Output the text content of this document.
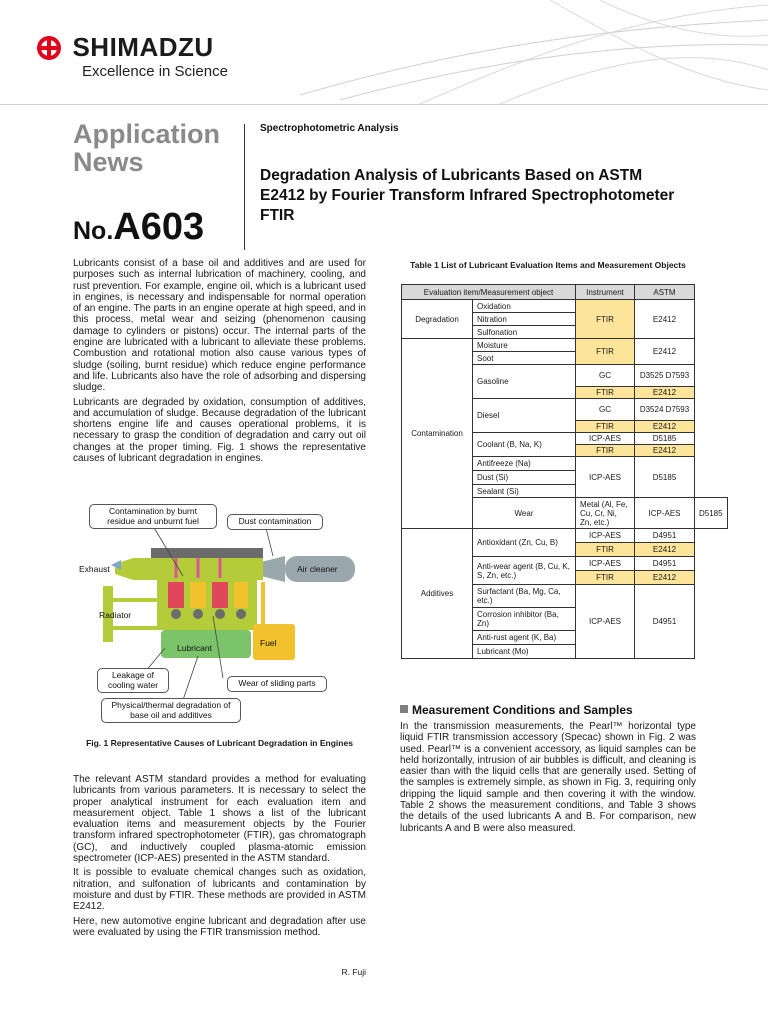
SHIMADZU
Excellence in Science
Application
News
No.A603
Spectrophotometric Analysis
Degradation Analysis of Lubricants Based on ASTM E2412 by Fourier Transform Infrared Spectrophotometer FTIR

Lubricants consist of a base oil and additives and are used for purposes such as internal lubrication of machinery, cooling, and rust prevention. For example, engine oil, which is a lubricant used in engines, is necessary and indispensable for normal operation of an engine. The parts in an engine operate at high speed, and in this process, metal wear and seizing (phenomenon causing damage to cylinders or pistons) occur. The internal parts of the engine are lubricated with a lubricant to alleviate these problems. Combustion and rotational motion also cause various types of sludge (soiling, burnt residue) which reduce engine performance and life. Lubricants also have the role of adsorbing and dispersing sludge.

Lubricants are degraded by oxidation, consumption of additives, and accumulation of sludge. Because degradation of the lubricant shortens engine life and causes operational problems, it is necessary to grasp the condition of degradation and carry out oil changes at the proper timing. Fig. 1 shows the representative causes of lubricant degradation in engines.

Contamination by burnt residue and unburnt fuel	Dust contamination
Exhaust	Air cleaner
Radiator
Lubricant	Fuel
Leakage of cooling water	Wear of sliding parts
Physical/thermal degradation of base oil and additives
Fig. 1 Representative Causes of Lubricant Degradation in Engines

The relevant ASTM standard provides a method for evaluating lubricants from various parameters. It is necessary to select the proper analytical instrument for each evaluation item and measurement object. Table 1 shows a list of the lubricant evaluation items and measurement objects by the Fourier transform infrared spectrophotometer (FTIR), gas chromatograph (GC), and inductively coupled plasma-atomic emission spectrometer (ICP-AES) presented in the ASTM standard.

It is possible to evaluate chemical changes such as oxidation, nitration, and sulfonation of lubricants and contamination by moisture and dust by FTIR. These methods are provided in ASTM E2412.

Here, new automotive engine lubricant and degradation after use were evaluated by using the FTIR transmission method.

R. Fuji
Table 1 List of Lubricant Evaluation Items and Measurement Objects
Evaluation item/Measurement object		Instrument	ASTM	
Degradation	Oxidation	FTIR	E2412	
	Nitration			
	Sulfonation			
Contamination	Moisture	FTIR	E2412	
	Soot			
	Gasoline	GC	D3525 D7593	
		FTIR	E2412	
	Diesel	GC	D3524 D7593	
		FTIR	E2412	
	Coolant (B, Na, K)	ICP-AES	D5185	
		FTIR	E2412	
	Antifreeze (Na)	ICP-AES	D5185	
	Dust (Si)			
	Sealant (Si)			
	Wear	Metal (Al, Fe, Cu, Cr, Ni, Zn, etc.)	ICP-AES	D5185
Additives	Antioxidant (Zn, Cu, B)	ICP-AES	D4951	
		FTIR	E2412	
	Anti-wear agent (B, Cu, K, S, Zn, etc.)	ICP-AES	D4951	
		FTIR	E2412	
	Surfactant (Ba, Mg, Ca, etc.)	ICP-AES	D4951	
	Corrosion inhibitor (Ba, Zn)			
	Anti-rust agent (K, Ba)			
	Lubricant (Mo)			
Measurement Conditions and Samples

In the transmission measurements, the Pearl™ horizontal type liquid FTIR transmission accessory (Specac) shown in Fig. 2 was used. Pearl™ is a convenient accessory, as liquid samples can be held horizontally, intrusion of air bubbles is difficult, and cleaning is easier than with the liquid cells that are generally used. Setting of the samples is extremely simple, as shown in Fig. 3, requiring only dripping the liquid sample and then covering it with the window. Table 2 shows the measurement conditions, and Table 3 shows the details of the used lubricants A and B. For comparison, new lubricants A and B were also measured.
